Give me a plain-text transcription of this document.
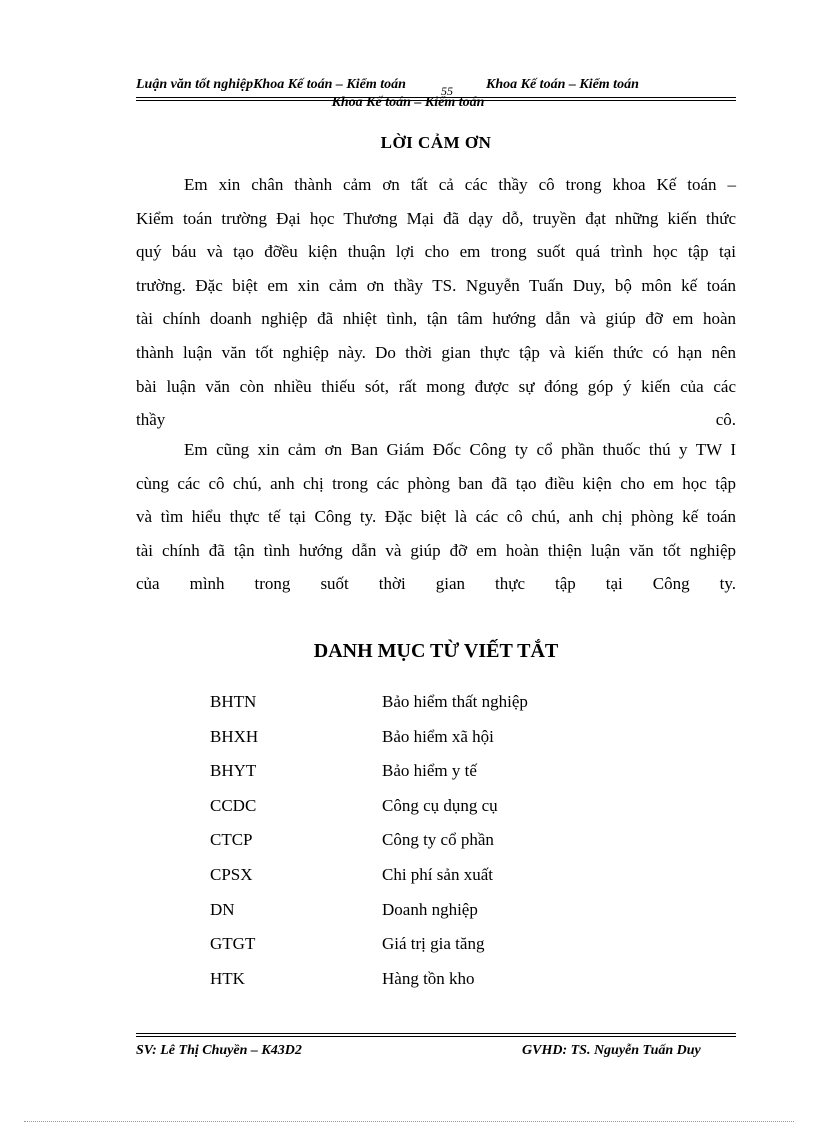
Luận văn tốt nghiệpKhoa Kế toán – Kiểm toán	55 Khoa Kế toán – Kiểm toán
Khoa Kế toán – Kiểm toán
LỜI CẢM ƠN
Em xin chân thành cảm ơn tất cả các thầy cô trong khoa Kế toán –
Kiểm toán trường Đại học Thương Mại đã dạy dỗ, truyền đạt những kiến thức
quý báu và tạo đỡều kiện thuận lợi cho em trong suốt quá trình học tập tại
trường. Đặc biệt em xin cảm ơn thầy TS. Nguyễn Tuấn Duy, bộ môn kế toán
tài chính doanh nghiệp đã nhiệt tình, tận tâm hướng dẫn và giúp đỡ em hoàn
thành luận văn tốt nghiệp này. Do thời gian thực tập và kiến thức có hạn nên
bài luận văn còn nhiều thiếu sót, rất mong được sự đóng góp ý kiến của các
thầy cô.
Em cũng xin cảm ơn Ban Giám Đốc Công ty cổ phần thuốc thú y TW I
cùng các cô chú, anh chị trong các phòng ban đã tạo điều kiện cho em học tập
và tìm hiểu thực tế tại Công ty. Đặc biệt là các cô chú, anh chị phòng kế toán
tài chính đã tận tình hướng dẫn và giúp đỡ em hoàn thiện luận văn tốt nghiệp
của mình trong suốt thời gian thực tập tại Công ty.
DANH MỤC TỪ VIẾT TẮT
BHTN	Bảo hiểm thất nghiệp
BHXH	Bảo hiểm xã hội
BHYT	Bảo hiểm y tế
CCDC	Công cụ dụng cụ
CTCP	Công ty cổ phần
CPSX	Chi phí sản xuất
DN	Doanh nghiệp
GTGT	Giá trị gia tăng
HTK	Hàng tồn kho
SV: Lê Thị Chuyền – K43D2	GVHD: TS. Nguyễn Tuấn Duy
